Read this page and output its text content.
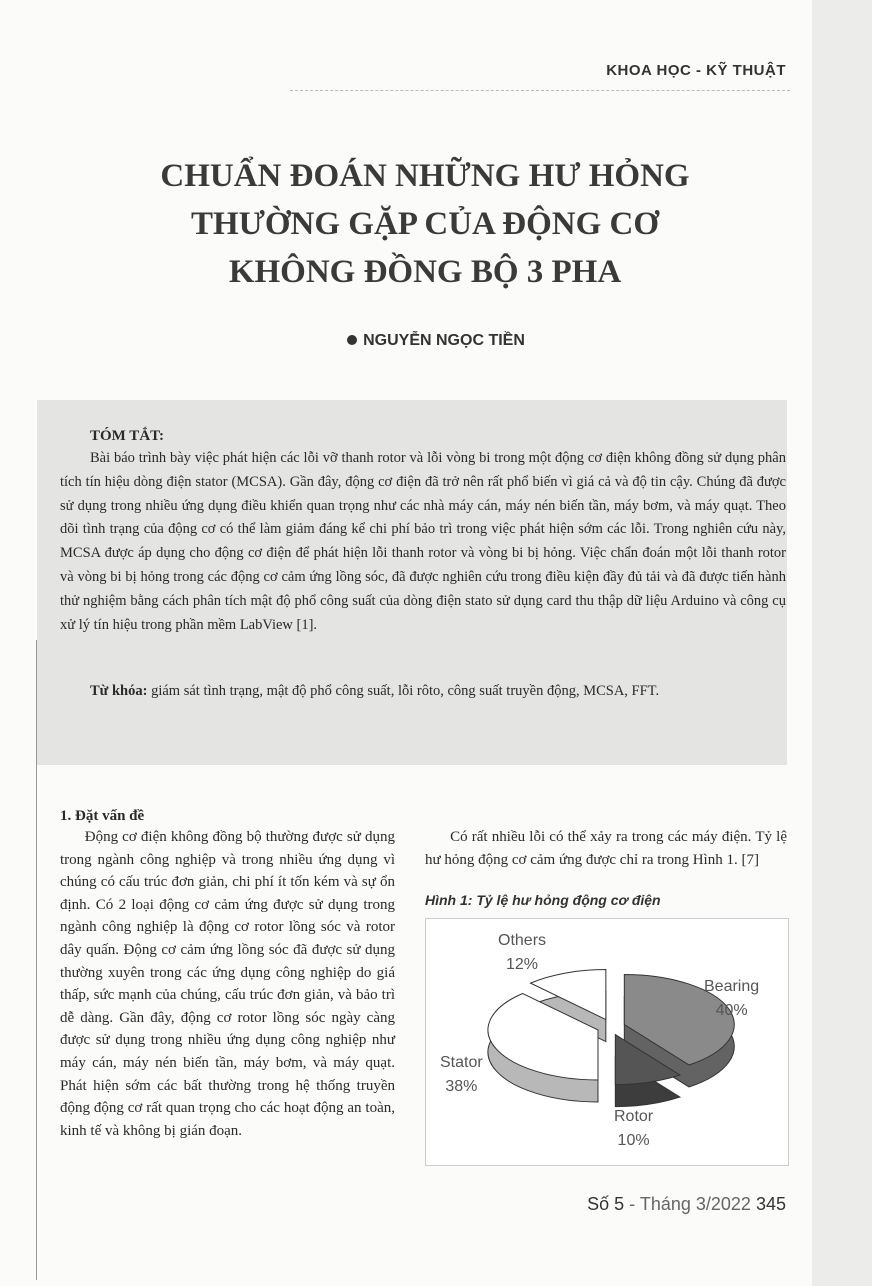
KHOA HỌC - KỸ THUẬT
CHUẨN ĐOÁN NHỮNG HƯ HỎNG
THƯỜNG GẶP CỦA ĐỘNG CƠ
KHÔNG ĐỒNG BỘ 3 PHA
NGUYỄN NGỌC TIỀN
TÓM TẮT:
Bài báo trình bày việc phát hiện các lỗi vỡ thanh rotor và lỗi vòng bi trong một động cơ điện không đồng sử dụng phân tích tín hiệu dòng điện stator (MCSA). Gần đây, động cơ điện đã trở nên rất phổ biến vì giá cả và độ tin cậy. Chúng đã được sử dụng trong nhiều ứng dụng điều khiển quan trọng như các nhà máy cán, máy nén biến tần, máy bơm, và máy quạt. Theo dõi tình trạng của động cơ có thể làm giảm đáng kể chi phí bảo trì trong việc phát hiện sớm các lỗi. Trong nghiên cứu này, MCSA được áp dụng cho động cơ điện để phát hiện lỗi thanh rotor và vòng bi bị hỏng. Việc chẩn đoán một lỗi thanh rotor và vòng bi bị hỏng trong các động cơ cảm ứng lồng sóc, đã được nghiên cứu trong điều kiện đầy đủ tải và đã được tiến hành thử nghiệm bằng cách phân tích mật độ phổ công suất của dòng điện stato sử dụng card thu thập dữ liệu Arduino và công cụ xử lý tín hiệu trong phần mềm LabView [1].
Từ khóa: giám sát tình trạng, mật độ phổ công suất, lỗi rôto, công suất truyền động, MCSA, FFT.
1. Đặt vấn đề
Động cơ điện không đồng bộ thường được sử dụng trong ngành công nghiệp và trong nhiều ứng dụng vì chúng có cấu trúc đơn giản, chi phí ít tốn kém và sự ổn định. Có 2 loại động cơ cảm ứng được sử dụng trong ngành công nghiệp là động cơ rotor lồng sóc và rotor dây quấn. Động cơ cảm ứng lồng sóc đã được sử dụng thường xuyên trong các ứng dụng công nghiệp do giá thấp, sức mạnh của chúng, cấu trúc đơn giản, và bảo trì dễ dàng. Gần đây, động cơ rotor lồng sóc ngày càng được sử dụng trong nhiều ứng dụng công nghiệp như máy cán, máy nén biến tần, máy bơm, và máy quạt. Phát hiện sớm các bất thường trong hệ thống truyền động động cơ rất quan trọng cho các hoạt động an toàn, kinh tế và không bị gián đoạn.
Có rất nhiều lỗi có thể xảy ra trong các máy điện. Tỷ lệ hư hỏng động cơ cảm ứng được chỉ ra trong Hình 1. [7]
Hình 1: Tỷ lệ hư hỏng động cơ điện
Others
12%
Bearing
40%
Stator
38%
Rotor
10%
Số 5 - Tháng 3/2022 345
